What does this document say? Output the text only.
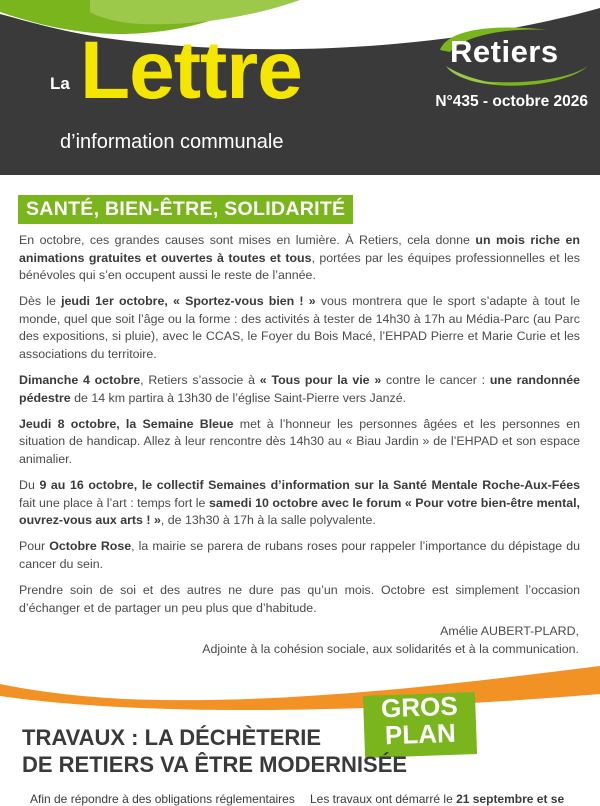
La Lettre
d’information communale
Retiers
N°435 - octobre 2026
SANTÉ, BIEN-ÊTRE, SOLIDARITÉ

En octobre, ces grandes causes sont mises en lumière. À Retiers, cela donne un mois riche en animations gratuites et ouvertes à toutes et tous, portées par les équipes professionnelles et les bénévoles qui s’en occupent aussi le reste de l’année.

Dès le jeudi 1er octobre, « Sportez-vous bien ! » vous montrera que le sport s’adapte à tout le monde, quel que soit l’âge ou la forme : des activités à tester de 14h30 à 17h au Média-Parc (au Parc des expositions, si pluie), avec le CCAS, le Foyer du Bois Macé, l’EHPAD Pierre et Marie Curie et les associations du territoire.

Dimanche 4 octobre, Retiers s’associe à « Tous pour la vie » contre le cancer : une randonnée pédestre de 14 km partira à 13h30 de l’église Saint-Pierre vers Janzé.

Jeudi 8 octobre, la Semaine Bleue met à l’honneur les personnes âgées et les personnes en situation de handicap. Allez à leur rencontre dès 14h30 au « Biau Jardin » de l’EHPAD et son espace animalier.

Du 9 au 16 octobre, le collectif Semaines d’information sur la Santé Mentale Roche-Aux-Fées fait une place à l’art : temps fort le samedi 10 octobre avec le forum « Pour votre bien-être mental, ouvrez-vous aux arts ! », de 13h30 à 17h à la salle polyvalente.

Pour Octobre Rose, la mairie se parera de rubans roses pour rappeler l’importance du dépistage du cancer du sein.

Prendre soin de soi et des autres ne dure pas qu’un mois. Octobre est simplement l’occasion d’échanger et de partager un peu plus que d’habitude.

Amélie AUBERT-PLARD,
Adjointe à la cohésion sociale, aux solidarités et à la communication.
GROS
PLAN
TRAVAUX : LA DÉCHÈTERIE
DE RETIERS VA ÊTRE MODERNISÉE
Afin de répondre à des obligations réglementaires Les travaux ont démarré le 21 septembre et se
